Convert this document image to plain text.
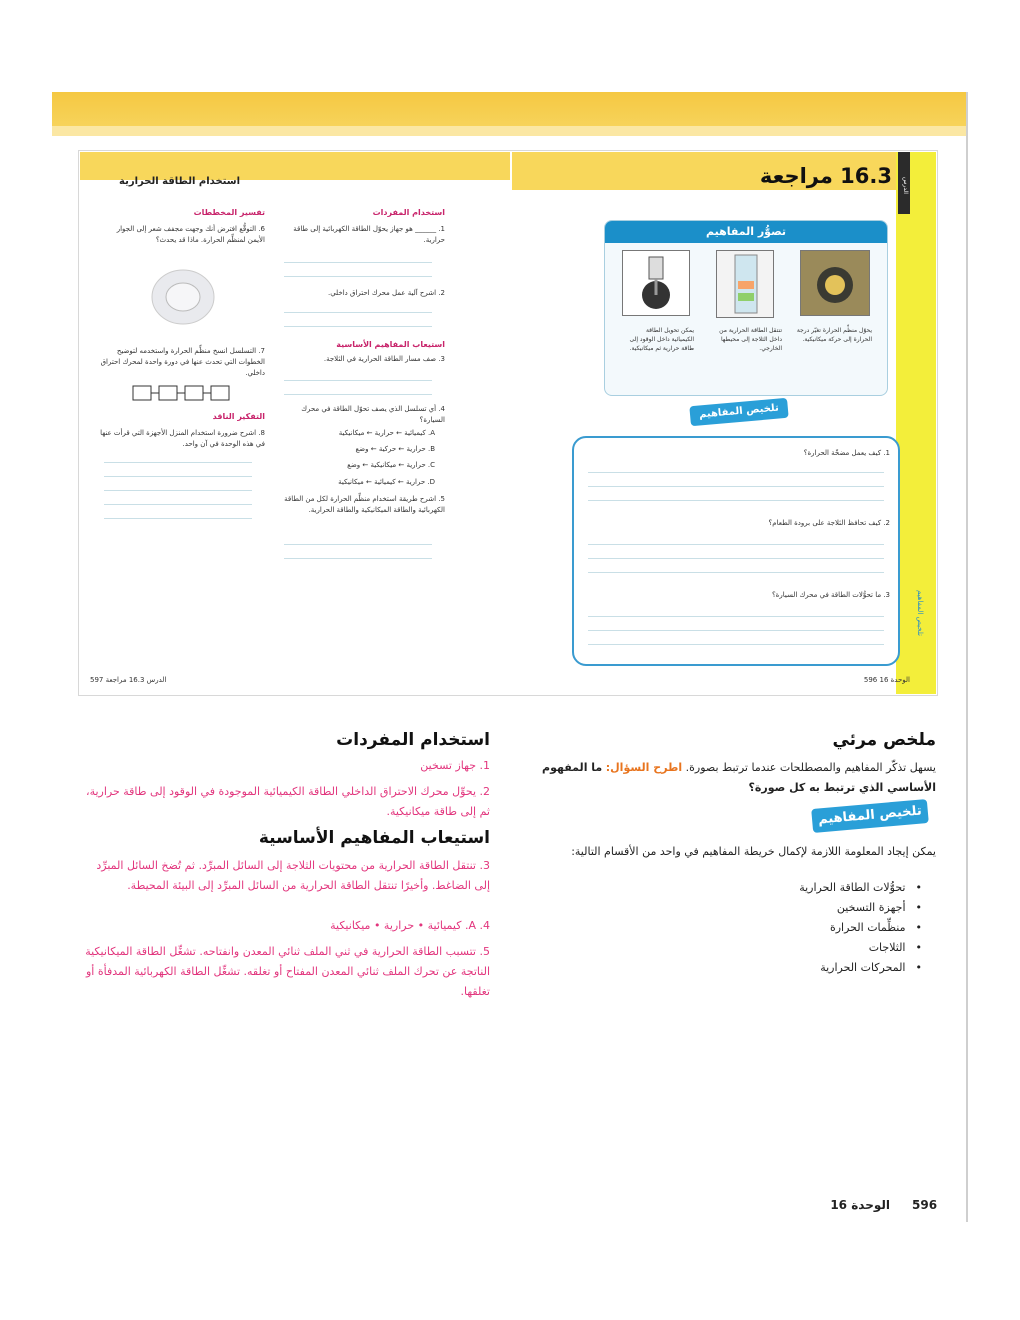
الدرس
استخدام الطاقة الحرارية
استخدام المفردات
1. ______ هو جهاز يحوّل الطاقة الكهربائية إلى طاقة حرارية.
2. اشرح آلية عمل محرك احتراق داخلي.
استيعاب المفاهيم الأساسية
3. صف مسار الطاقة الحرارية في الثلاجة.
4. أي تسلسل الذي يصف تحوّل الطاقة في محرك السيارة؟
A. كيميائية ← حرارية ← ميكانيكية
B. حرارية ← حركية ← وضع
C. حرارية ← ميكانيكية ← وضع
D. حرارية ← كيميائية ← ميكانيكية
5. اشرح طريقة استخدام منظِّم الحرارة لكل من الطاقة الكهربائية والطاقة الميكانيكية والطاقة الحرارية.
تفسير المخططات
6. التوقُّع افترض أنك وجهت مجفف شعر إلى الجوار الأيمن لمنظِّم الحرارة. ماذا قد يحدث؟
7. التسلسل انسخ منظِّم الحرارة واستخدمه لتوضيح الخطوات التي تحدث عنها في دورة واحدة لمحرك احتراق داخلي.
التفكير الناقد
8. اشرح ضرورة استخدام المنزل الأجهزة التي قرأت عنها في هذه الوحدة في آن واحد.
597 الدرس 16.3 مراجعة
16.3 مراجعة
تصوُّر المفاهيم
يمكن تحويل الطاقة الكيميائية داخل الوقود إلى طاقة حرارية ثم ميكانيكية.
تنتقل الطاقة الحرارية من داخل الثلاجة إلى محيطها الخارجي.
يحوّل منظِّم الحرارة تغيّر درجة الحرارة إلى حركة ميكانيكية.
تلخيص المفاهيم
1. كيف يعمل مضخّة الحرارة؟
2. كيف تحافظ الثلاجة على برودة الطعام؟
3. ما تحوُّلات الطاقة في محرك السيارة؟	تلخيص المفاهيم
الوحدة 16 596
ملخص مرئي
يسهل تذكّر المفاهيم والمصطلحات عندما ترتبط بصورة. اطرح السؤال: ما المفهوم الأساسي الذي ترتبط به كل صورة؟
تلخيص المفاهيم
يمكن إيجاد المعلومة اللازمة لإكمال خريطة المفاهيم في واحد من الأقسام التالية:
• تحوُّلات الطاقة الحرارية
• أجهزة التسخين
• منظِّمات الحرارة
• الثلاجات
• المحركات الحرارية
استخدام المفردات
1. جهاز تسخين
2. يحوِّل محرك الاحتراق الداخلي الطاقة الكيميائية الموجودة في الوقود إلى طاقة حرارية، ثم إلى طاقة ميكانيكية.
استيعاب المفاهيم الأساسية
3. تنتقل الطاقة الحرارية من محتويات الثلاجة إلى السائل المبرِّد. ثم تُضخ السائل المبرِّد إلى الضاغط. وأخيرًا تنتقل الطاقة الحرارية من السائل المبرِّد إلى البيئة المحيطة.
4. A. كيميائية • حرارية • ميكانيكية
5. تتسبب الطاقة الحرارية في ثني الملف ثنائي المعدن وانفتاحه. تشغِّل الطاقة الميكانيكية الناتجة عن تحرك الملف ثنائي المعدن المفتاح أو تغلقه. تشغِّل الطاقة الكهربائية المدفأة أو تغلقها.
596
الوحدة 16
